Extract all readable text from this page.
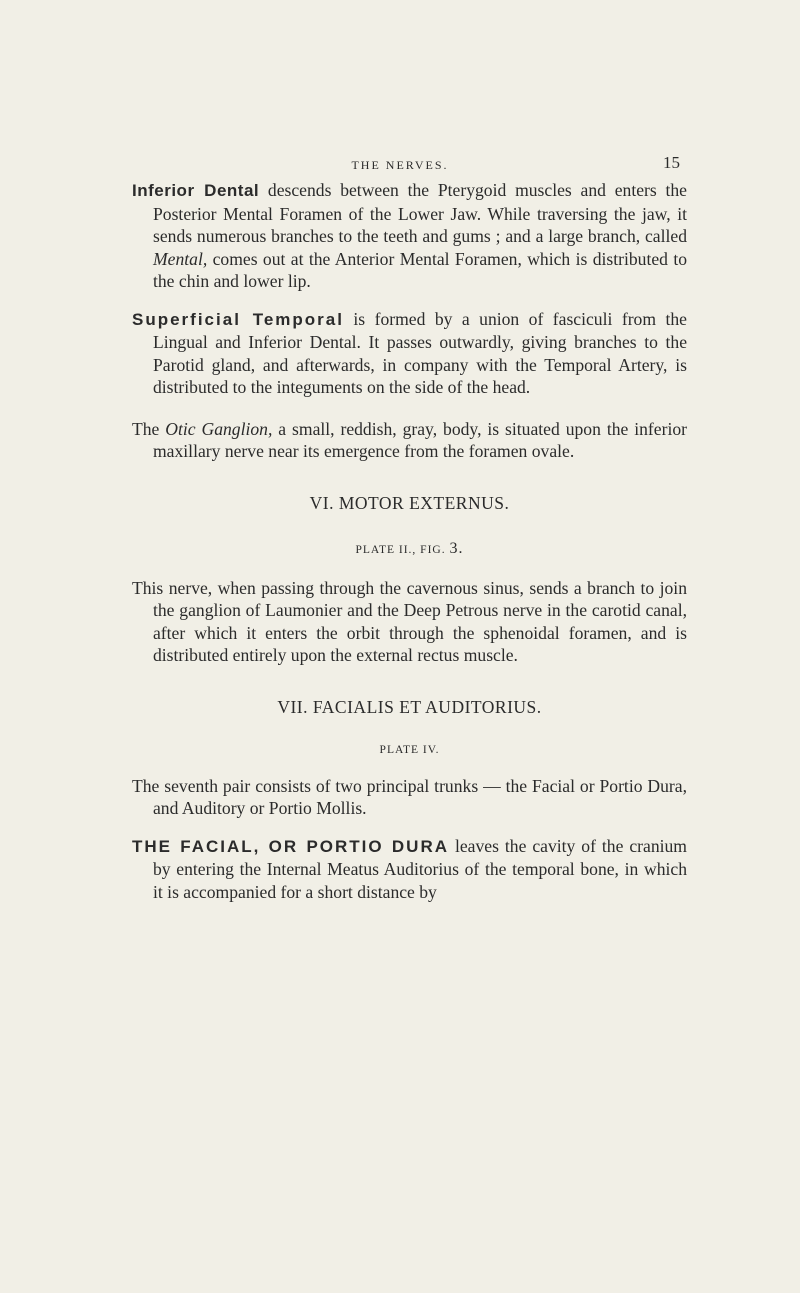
THE NERVES.	15

Inferior Dental descends between the Pterygoid muscles and enters the Posterior Mental Foramen of the Lower Jaw. While traversing the jaw, it sends numerous branches to the teeth and gums ; and a large branch, called Mental, comes out at the Anterior Mental Foramen, which is distributed to the chin and lower lip.

Superficial Temporal is formed by a union of fasciculi from the Lingual and Inferior Dental. It passes outwardly, giving branches to the Parotid gland, and afterwards, in company with the Temporal Artery, is distributed to the integuments on the side of the head.

The Otic Ganglion, a small, reddish, gray, body, is situated upon the inferior maxillary nerve near its emergence from the foramen ovale.

VI. MOTOR EXTERNUS.
PLATE II., FIG. 3.

This nerve, when passing through the cavernous sinus, sends a branch to join the ganglion of Laumonier and the Deep Petrous nerve in the carotid canal, after which it enters the orbit through the sphenoidal foramen, and is distributed entirely upon the external rectus muscle.

VII. FACIALIS ET AUDITORIUS.
PLATE IV.

The seventh pair consists of two principal trunks — the Facial or Portio Dura, and Auditory or Portio Mollis.

THE FACIAL, OR PORTIO DURA leaves the cavity of the cranium by entering the Internal Meatus Auditorius of the temporal bone, in which it is accompanied for a short distance by
